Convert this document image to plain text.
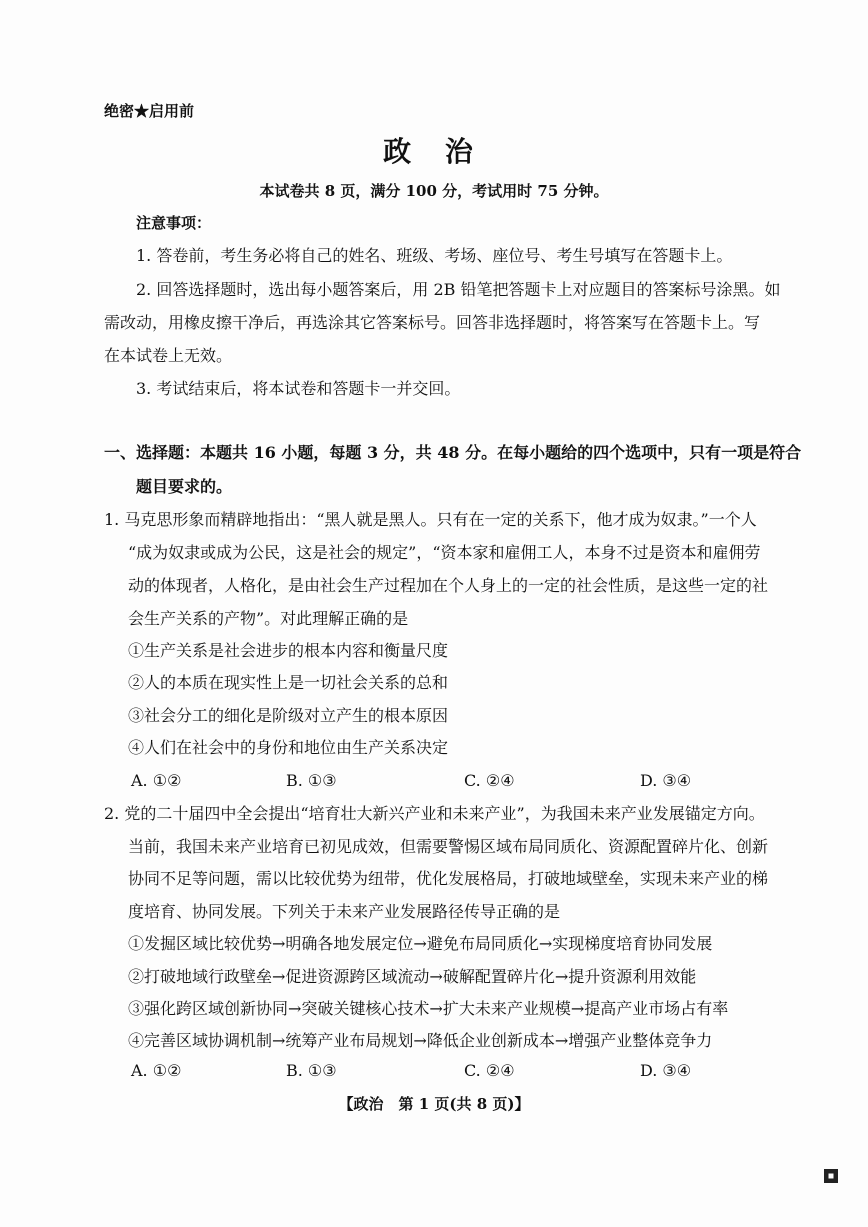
绝密★启用前
政 治
本试卷共 8 页，满分 100 分，考试用时 75 分钟。
注意事项：
1. 答卷前，考生务必将自己的姓名、班级、考场、座位号、考生号填写在答题卡上。
2. 回答选择题时，选出每小题答案后，用 2B 铅笔把答题卡上对应题目的答案标号涂黑。如
需改动，用橡皮擦干净后，再选涂其它答案标号。回答非选择题时，将答案写在答题卡上。写
在本试卷上无效。
3. 考试结束后，将本试卷和答题卡一并交回。
一、选择题：本题共 16 小题，每题 3 分，共 48 分。在每小题给的四个选项中，只有一项是符合
题目要求的。
1. 马克思形象而精辟地指出：“黑人就是黑人。只有在一定的关系下，他才成为奴隶。”一个人
“成为奴隶或成为公民，这是社会的规定”，“资本家和雇佣工人，本身不过是资本和雇佣劳
动的体现者，人格化，是由社会生产过程加在个人身上的一定的社会性质，是这些一定的社
会生产关系的产物”。对此理解正确的是
①生产关系是社会进步的根本内容和衡量尺度
②人的本质在现实性上是一切社会关系的总和
③社会分工的细化是阶级对立产生的根本原因
④人们在社会中的身份和地位由生产关系决定
A. ①②	B. ①③	C. ②④	D. ③④
2. 党的二十届四中全会提出“培育壮大新兴产业和未来产业”，为我国未来产业发展锚定方向。
当前，我国未来产业培育已初见成效，但需要警惕区域布局同质化、资源配置碎片化、创新
协同不足等问题，需以比较优势为纽带，优化发展格局，打破地域壁垒，实现未来产业的梯
度培育、协同发展。下列关于未来产业发展路径传导正确的是
①发掘区域比较优势→明确各地发展定位→避免布局同质化→实现梯度培育协同发展
②打破地域行政壁垒→促进资源跨区域流动→破解配置碎片化→提升资源利用效能
③强化跨区域创新协同→突破关键核心技术→扩大未来产业规模→提高产业市场占有率
④完善区域协调机制→统筹产业布局规划→降低企业创新成本→增强产业整体竞争力
A. ①②	B. ①③	C. ②④	D. ③④
【政治　第 1 页(共 8 页)】
